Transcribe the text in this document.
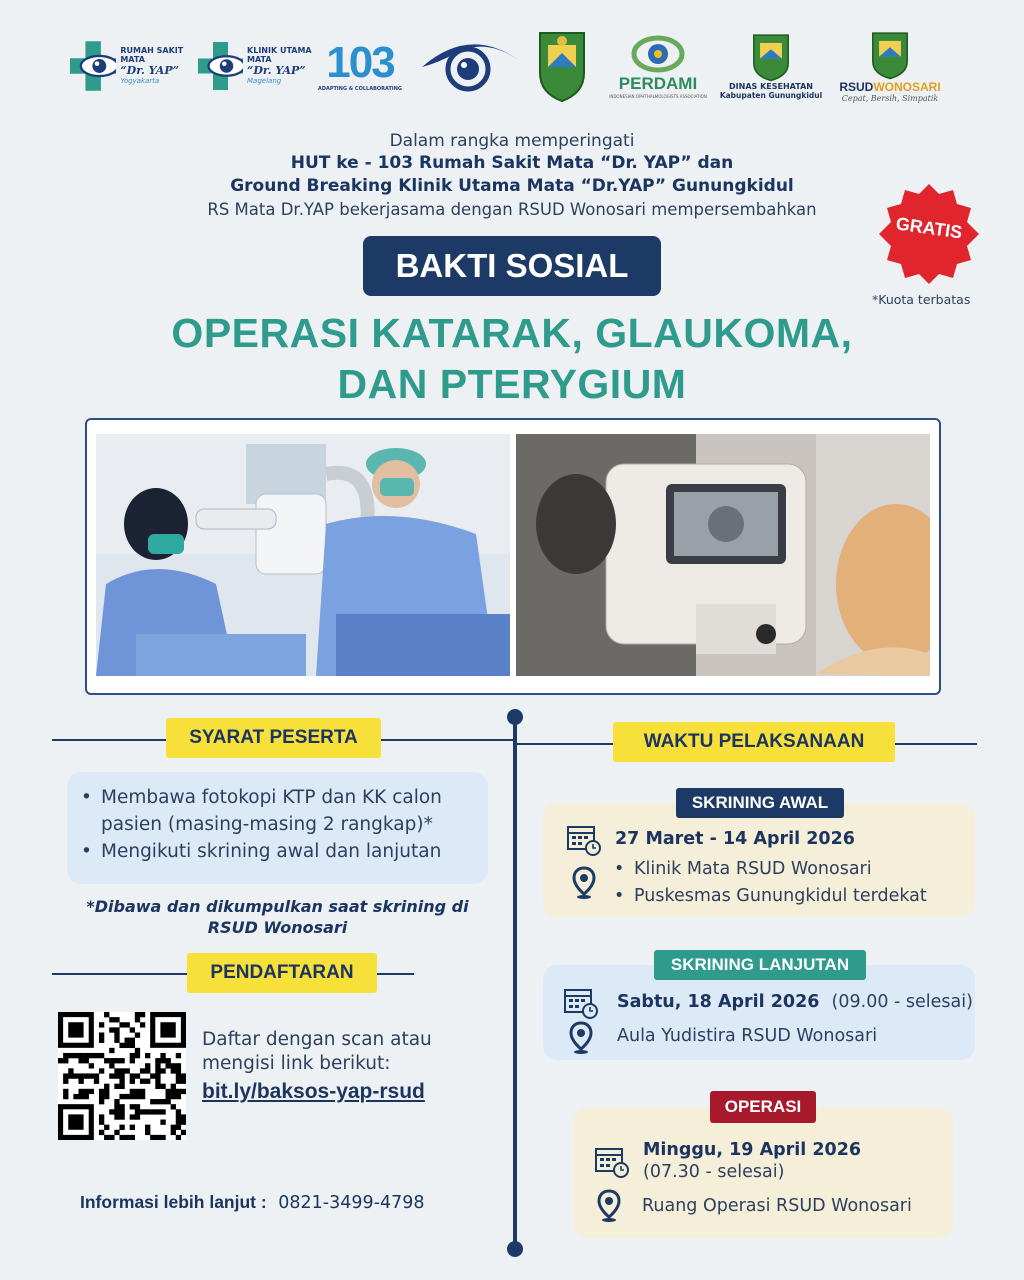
RUMAH SAKIT MATA
“Dr. YAP”
Yogyakarta
KLINIK UTAMA MATA
“Dr. YAP”
Magelang	103
ADAPTING & COLLABORATING	PERDAMI
INDONESIAN OPHTHALMOLOGISTS ASSOCIATION
DINAS KESEHATAN
Kabupaten Gunungkidul
RSUDWONOSARI
Cepat, Bersih, Simpatik
Dalam rangka memperingati
HUT ke - 103 Rumah Sakit Mata “Dr. YAP” dan
Ground Breaking Klinik Utama Mata “Dr.YAP” Gunungkidul
RS Mata Dr.YAP bekerjasama dengan RSUD Wonosari mempersembahkan
GRATIS
*Kuota terbatas
BAKTI SOSIAL
OPERASI KATARAK, GLAUKOMA,
DAN PTERYGIUM
SYARAT PESERTA
• Membawa fotokopi KTP dan KK calon pasien (masing-masing 2 rangkap)*
• Mengikuti skrining awal dan lanjutan
*Dibawa dan dikumpulkan saat skrining di RSUD Wonosari
PENDAFTARAN
Daftar dengan scan atau mengisi link berikut:
bit.ly/baksos-yap-rsud
Informasi lebih lanjut : 0821-3499-4798
WAKTU PELAKSANAAN
SKRINING AWAL
27 Maret - 14 April 2026
• Klinik Mata RSUD Wonosari
• Puskesmas Gunungkidul terdekat
SKRINING LANJUTAN
Sabtu, 18 April 2026 (09.00 - selesai)
Aula Yudistira RSUD Wonosari
OPERASI
Minggu, 19 April 2026
(07.30 - selesai)
Ruang Operasi RSUD Wonosari
